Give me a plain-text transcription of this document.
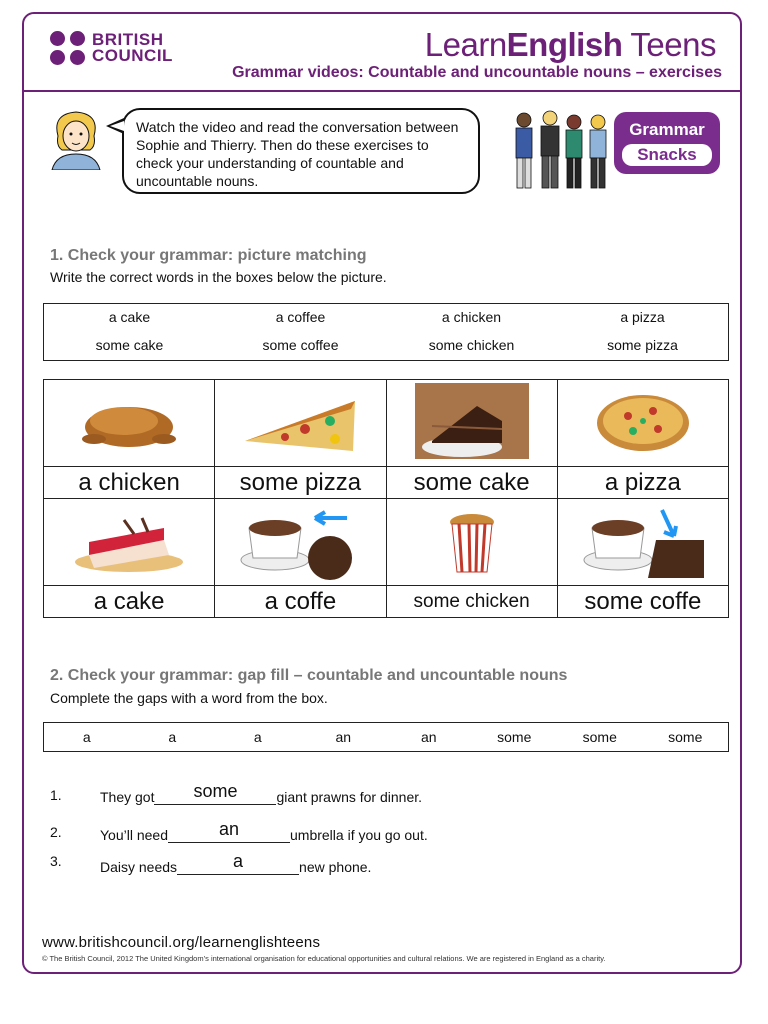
BRITISH
COUNCIL	LearnEnglish Teens
Grammar videos: Countable and uncountable nouns – exercises
Watch the video and read the conversation between Sophie and Thierry. Then do these exercises to check your understanding of countable and uncountable nouns.
Grammar
Snacks
1. Check your grammar: picture matching
Write the correct words in the boxes below the picture.
a cake	a coffee	a chicken	a pizza
some cake	some coffee	some chicken	some pizza

a chicken	some pizza	some cake	a pizza

a cake	a coffe	some chicken	some coffe
2. Check your grammar: gap fill – countable and uncountable nouns
Complete the gaps with a word from the box.
a	a	a	an	an	some	some	some
1.	They got	some	giant prawns for dinner.
2.	You’ll need	an	umbrella if you go out.
3.	Daisy needs	a	new phone.
www.britishcouncil.org/learnenglishteens
© The British Council, 2012 The United Kingdom’s international organisation for educational opportunities and cultural relations. We are registered in England as a charity.
